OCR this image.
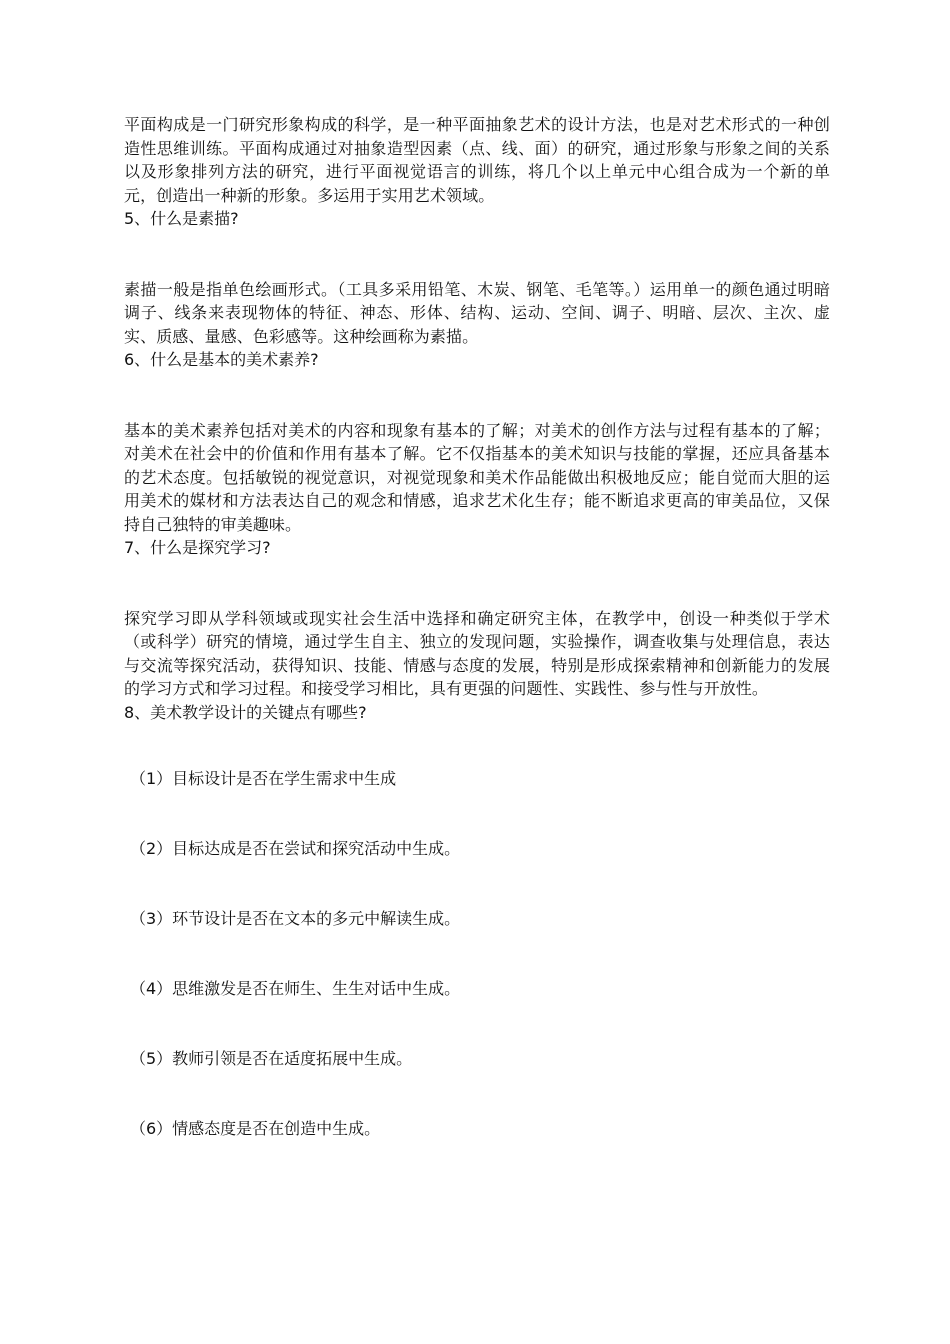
平面构成是一门研究形象构成的科学，是一种平面抽象艺术的设计方法，也是对艺术形式的一种创造性思维训练。平面构成通过对抽象造型因素（点、线、面）的研究，通过形象与形象之间的关系以及形象排列方法的研究，进行平面视觉语言的训练，将几个以上单元中心组合成为一个新的单元，创造出一种新的形象。多运用于实用艺术领域。

5、什么是素描?

素描一般是指单色绘画形式。（工具多采用铅笔、木炭、钢笔、毛笔等。）运用单一的颜色通过明暗调子、线条来表现物体的特征、神态、形体、结构、运动、空间、调子、明暗、层次、主次、虚实、质感、量感、色彩感等。这种绘画称为素描。

6、什么是基本的美术素养?

基本的美术素养包括对美术的内容和现象有基本的了解；对美术的创作方法与过程有基本的了解；对美术在社会中的价值和作用有基本了解。它不仅指基本的美术知识与技能的掌握，还应具备基本的艺术态度。包括敏锐的视觉意识，对视觉现象和美术作品能做出积极地反应；能自觉而大胆的运用美术的媒材和方法表达自己的观念和情感，追求艺术化生存；能不断追求更高的审美品位，又保持自己独特的审美趣味。

7、什么是探究学习?

探究学习即从学科领域或现实社会生活中选择和确定研究主体，在教学中，创设一种类似于学术（或科学）研究的情境，通过学生自主、独立的发现问题，实验操作，调查收集与处理信息，表达与交流等探究活动，获得知识、技能、情感与态度的发展，特别是形成探索精神和创新能力的发展的学习方式和学习过程。和接受学习相比，具有更强的问题性、实践性、参与性与开放性。

8、美术教学设计的关键点有哪些?

（1）目标设计是否在学生需求中生成

（2）目标达成是否在尝试和探究活动中生成。

（3）环节设计是否在文本的多元中解读生成。

（4）思维激发是否在师生、生生对话中生成。

（5）教师引领是否在适度拓展中生成。

（6）情感态度是否在创造中生成。
